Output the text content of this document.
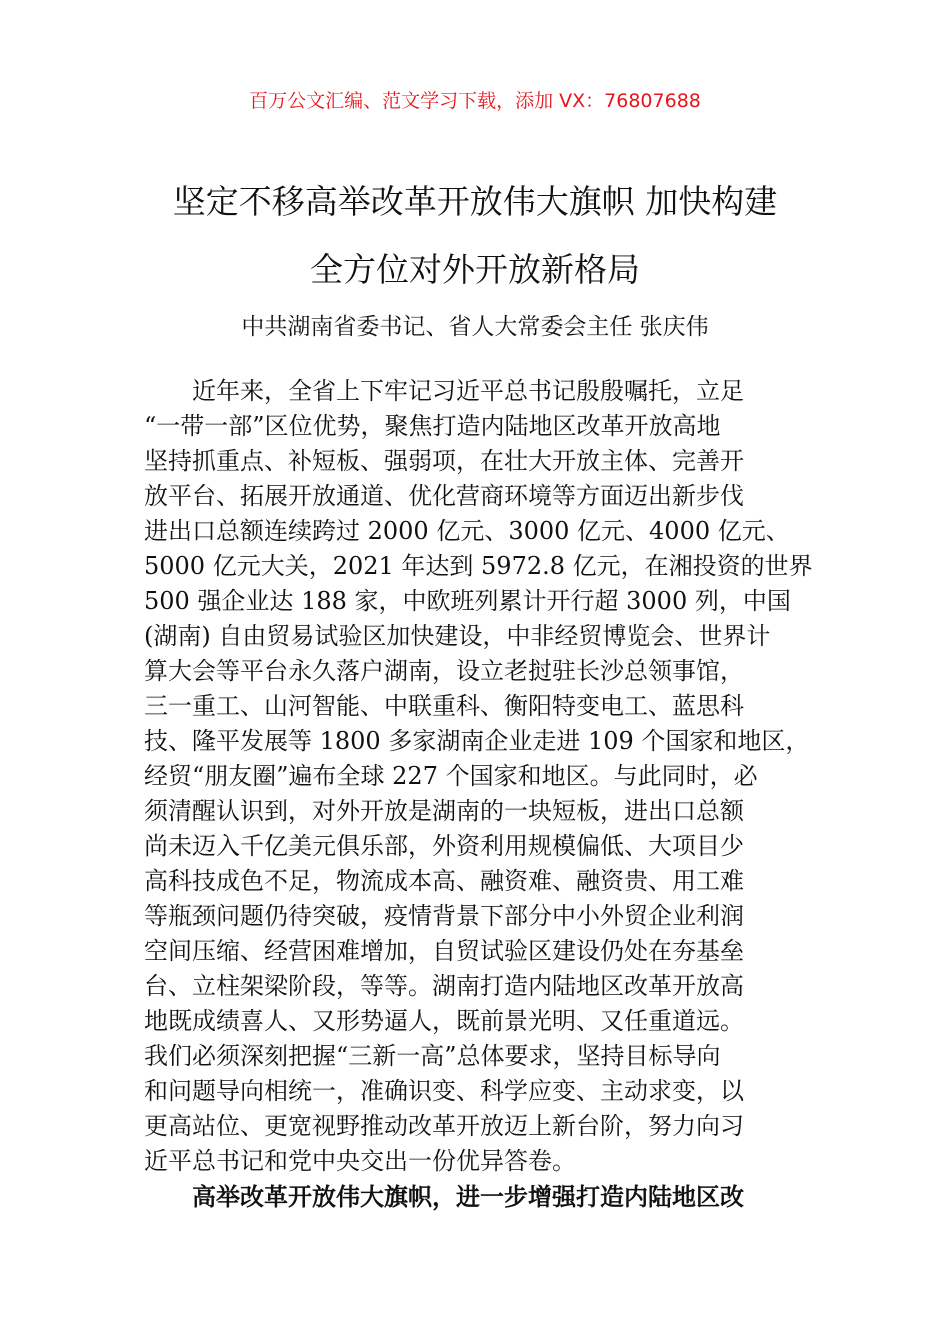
百万公文汇编、范文学习下载，添加 VX：76807688
坚定不移高举改革开放伟大旗帜 加快构建
全方位对外开放新格局
中共湖南省委书记、省人大常委会主任 张庆伟
近年来，全省上下牢记习近平总书记殷殷嘱托，立足
“一带一部”区位优势，聚焦打造内陆地区改革开放高地
坚持抓重点、补短板、强弱项，在壮大开放主体、完善开
放平台、拓展开放通道、优化营商环境等方面迈出新步伐
进出口总额连续跨过 2000 亿元、3000 亿元、4000 亿元、
5000 亿元大关，2021 年达到 5972.8 亿元，在湘投资的世界
500 强企业达 188 家，中欧班列累计开行超 3000 列，中国
(湖南) 自由贸易试验区加快建设，中非经贸博览会、世界计
算大会等平台永久落户湖南，设立老挝驻长沙总领事馆，
三一重工、山河智能、中联重科、衡阳特变电工、蓝思科
技、隆平发展等 1800 多家湖南企业走进 109 个国家和地区，
经贸“朋友圈”遍布全球 227 个国家和地区。与此同时，必
须清醒认识到，对外开放是湖南的一块短板，进出口总额
尚未迈入千亿美元俱乐部，外资利用规模偏低、大项目少
高科技成色不足，物流成本高、融资难、融资贵、用工难
等瓶颈问题仍待突破，疫情背景下部分中小外贸企业利润
空间压缩、经营困难增加，自贸试验区建设仍处在夯基垒
台、立柱架梁阶段，等等。湖南打造内陆地区改革开放高
地既成绩喜人、又形势逼人，既前景光明、又任重道远。
我们必须深刻把握“三新一高”总体要求，坚持目标导向
和问题导向相统一，准确识变、科学应变、主动求变，以
更高站位、更宽视野推动改革开放迈上新台阶，努力向习
近平总书记和党中央交出一份优异答卷。
高举改革开放伟大旗帜，进一步增强打造内陆地区改
